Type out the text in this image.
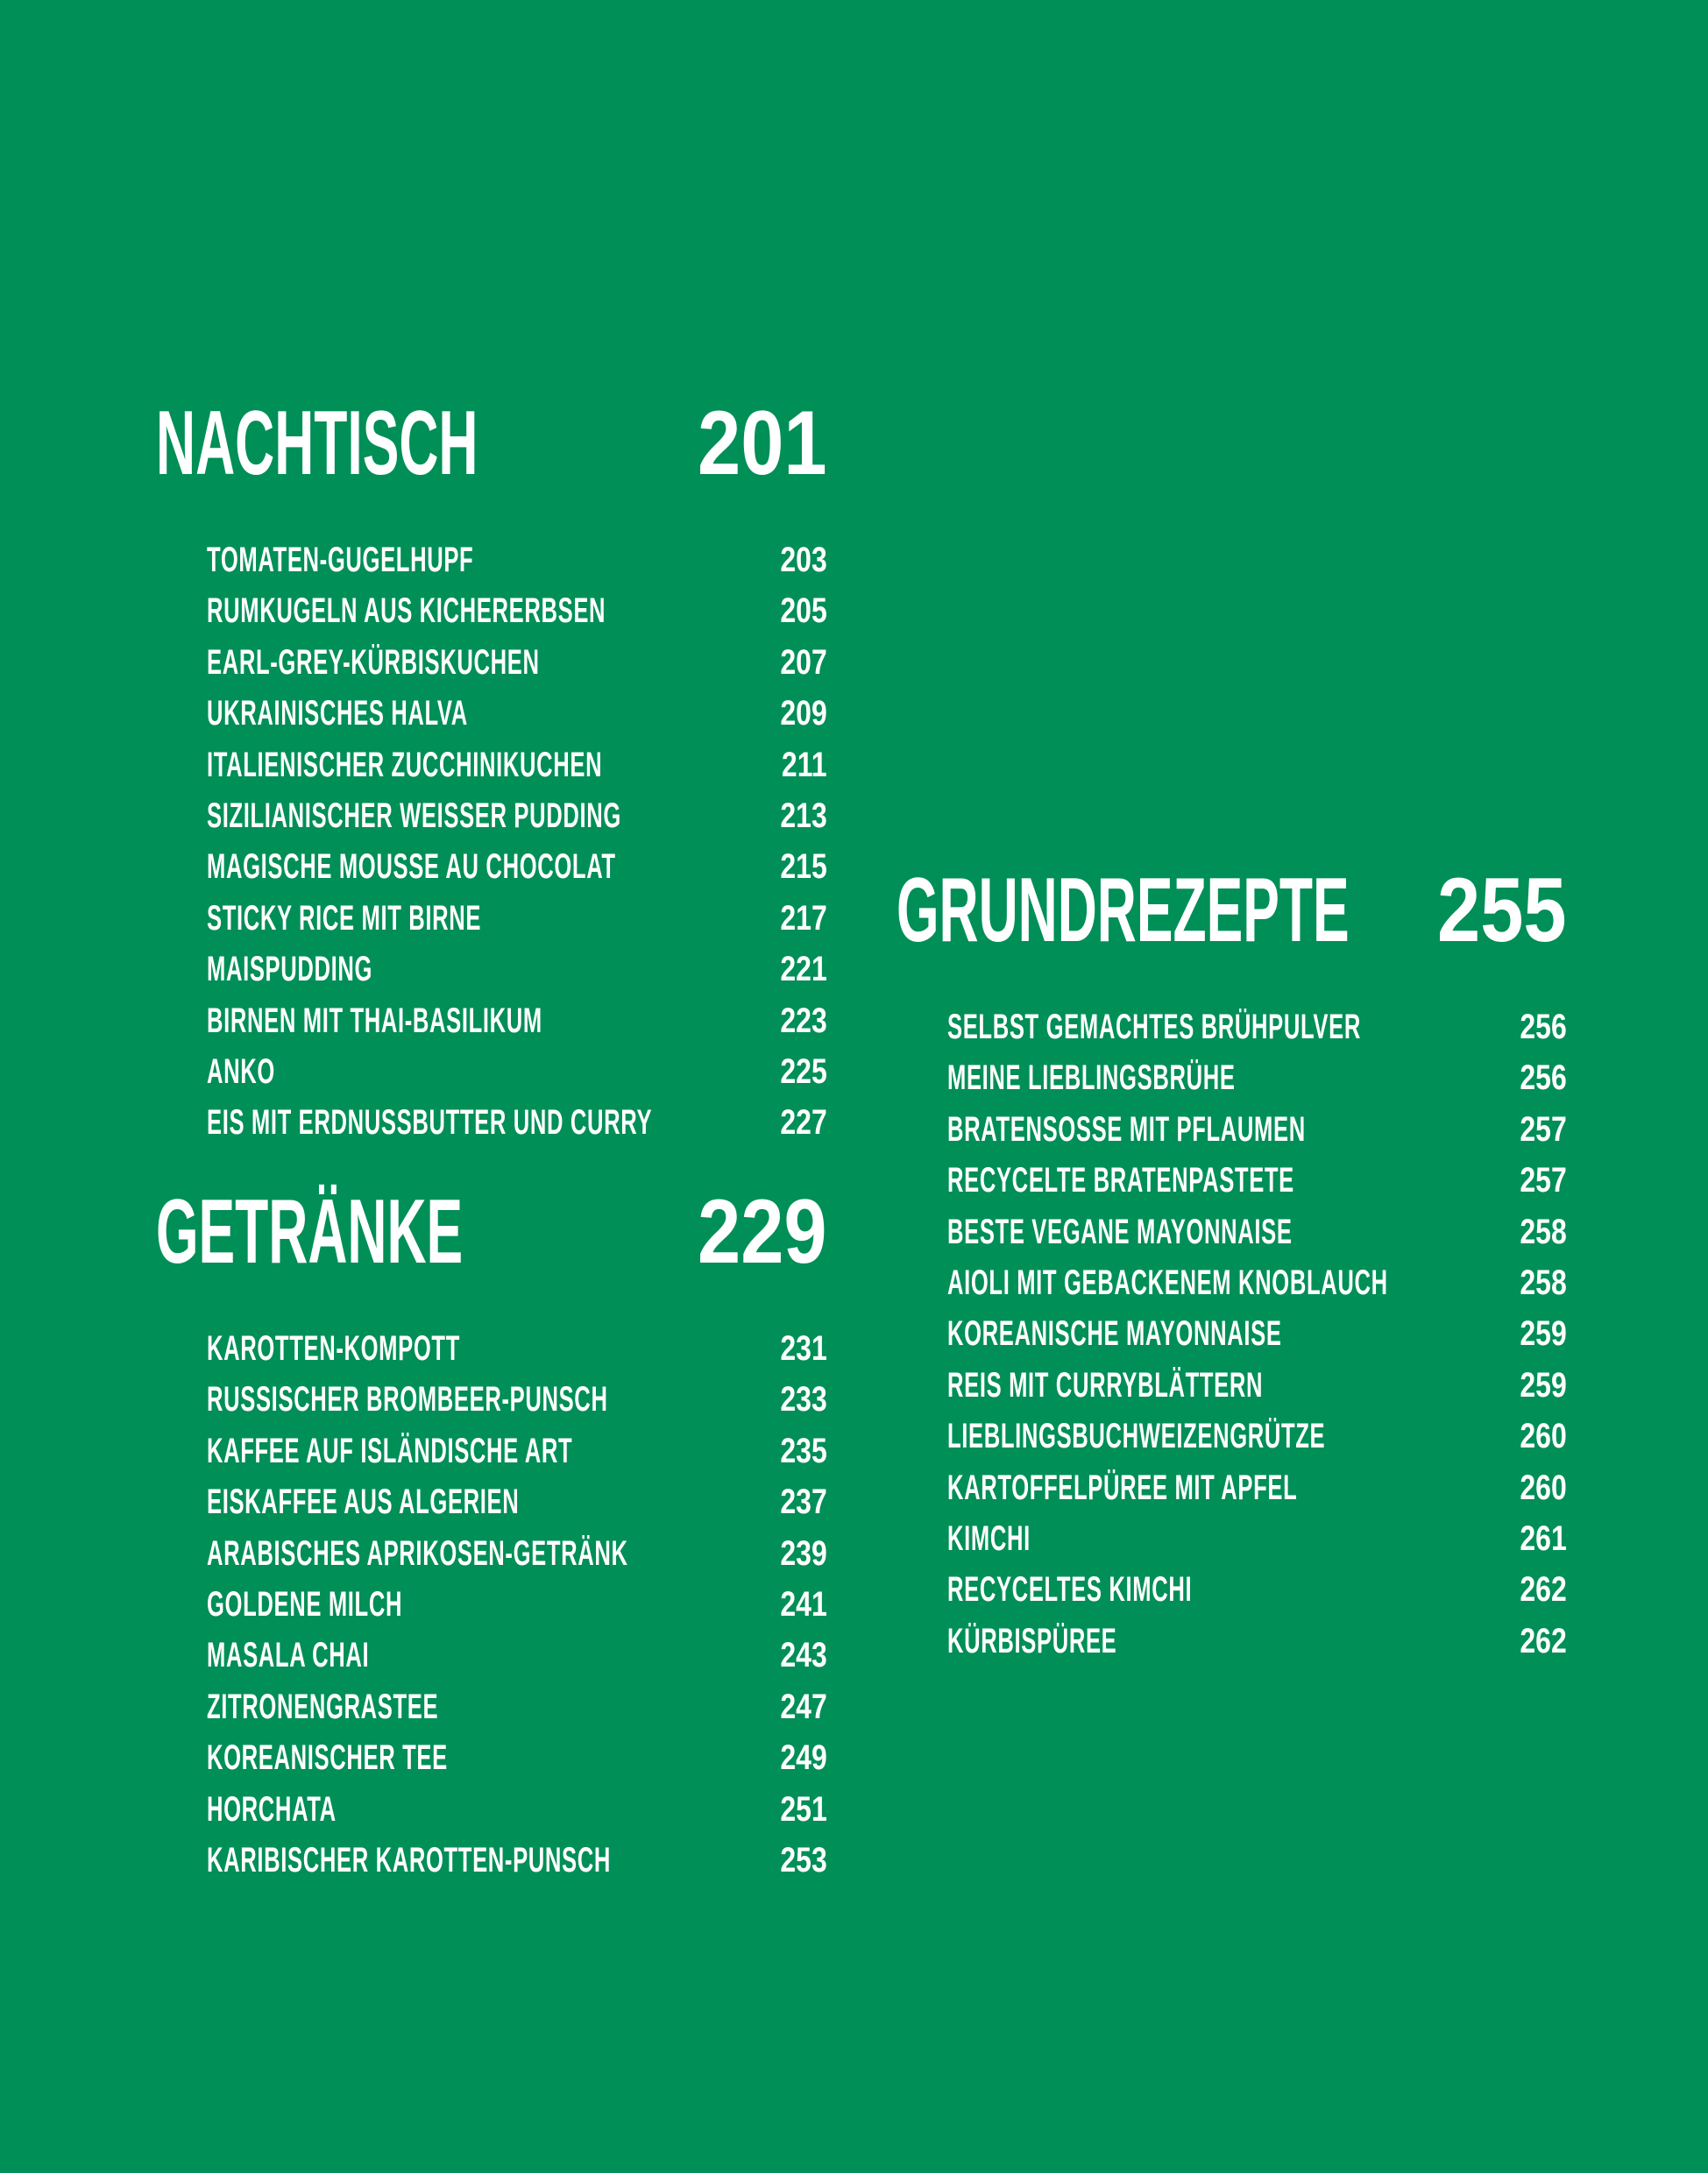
NACHTISCH 201
TOMATEN-GUGELHUPF	203
RUMKUGELN AUS KICHERERBSEN	205
EARL-GREY-KÜRBISKUCHEN	207
UKRAINISCHES HALVA	209
ITALIENISCHER ZUCCHINIKUCHEN	211
SIZILIANISCHER WEISSER PUDDING	213
MAGISCHE MOUSSE AU CHOCOLAT	215
STICKY RICE MIT BIRNE	217
MAISPUDDING	221
BIRNEN MIT THAI-BASILIKUM	223
ANKO	225
EIS MIT ERDNUSSBUTTER UND CURRY	227
GETRÄNKE	229
KAROTTEN-KOMPOTT	231
RUSSISCHER BROMBEER-PUNSCH	233
KAFFEE AUF ISLÄNDISCHE ART	235
EISKAFFEE AUS ALGERIEN	237
ARABISCHES APRIKOSEN-GETRÄNK	239
GOLDENE MILCH	241
MASALA CHAI	243
ZITRONENGRASTEE	247
KOREANISCHER TEE	249
HORCHATA	251
KARIBISCHER KAROTTEN-PUNSCH	253
GRUNDREZEPTE 255
SELBST GEMACHTES BRÜHPULVER	256
MEINE LIEBLINGSBRÜHE	256
BRATENSOSSE MIT PFLAUMEN	257
RECYCELTE BRATENPASTETE	257
BESTE VEGANE MAYONNAISE	258
AIOLI MIT GEBACKENEM KNOBLAUCH	258
KOREANISCHE MAYONNAISE	259
REIS MIT CURRYBLÄTTERN	259
LIEBLINGSBUCHWEIZENGRÜTZE	260
KARTOFFELPÜREE MIT APFEL	260
KIMCHI	261
RECYCELTES KIMCHI	262
KÜRBISPÜREE	262
